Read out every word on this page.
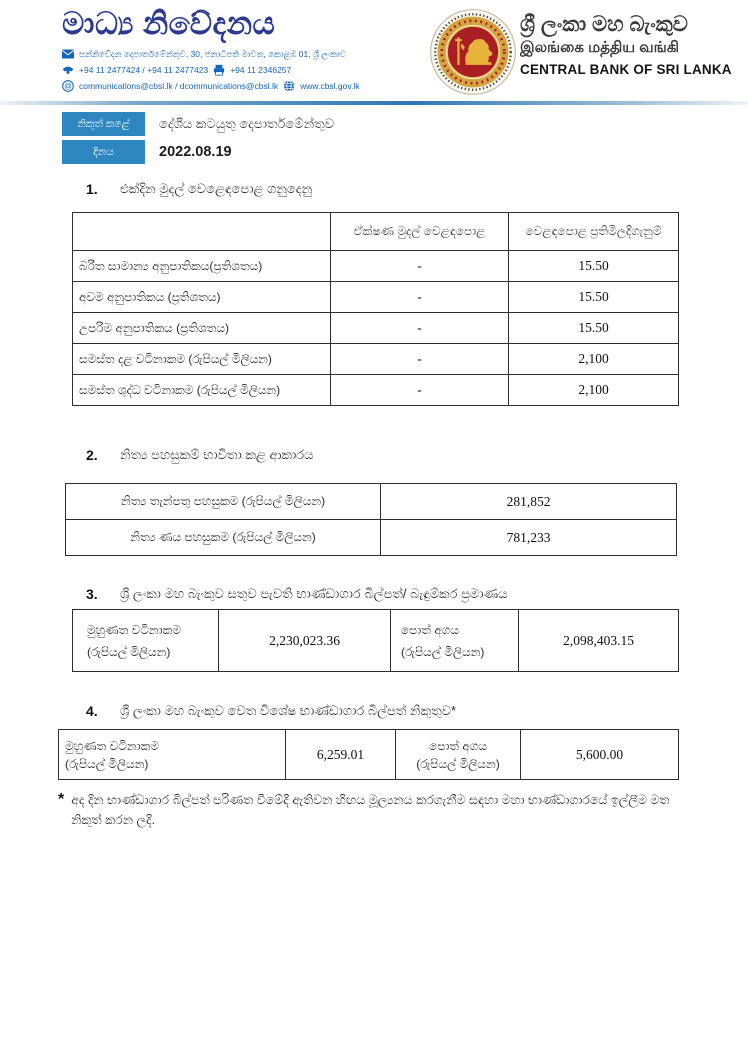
මාධ්‍ය නිවේදනය
සන්නිවේදන දෙපාර්තමේන්තුව, 30, ජනාධිපති මාවත, කොළඹ 01, ශ්‍රී ලංකාව
+94 11 2477424 / +94 11 2477423	+94 11 2346257
@ communications@cbsl.lk / dcommunications@cbsl.lk	www.cbsl.gov.lk
ශ්‍රී ලංකා මහ බැංකුව
இலங்கை மத்திய வங்கி
CENTRAL BANK OF SRI LANKA
නිකුත් කළේ	දේශීය කටයුතු දෙපාර්තමේන්තුව
දිනය	2022.08.19
1.	එක්දින මුදල් වෙළෙඳපොළ ගනුදෙනු
	ඒක්ෂණ මුදල් වෙළඳපොළ	වෙළඳපොළ ප්‍රතිමිලදීගැනුම්
බරිත සාමාන්‍ය අනුපාතිකය(ප්‍රතිශතය)	-	15.50
අවම අනුපාතිකය (ප්‍රතිශතය)	-	15.50
උපරිම අනුපාතිකය (ප්‍රතිශතය)	-	15.50
සමස්ත දළ වටිනාකම (රුපියල් මිලියන)	-	2,100
සමස්ත ශුද්ධ වටිනාකම (රුපියල් මිලියන)	-	2,100
2.	නිත්‍ය පහසුකම් භාවිතා කළ ආකාරය
නිත්‍ය තැන්පතු පහසුකම (රුපියල් මිලියන)	281,852
නිත්‍ය ණය පහසුකම (රුපියල් මිලියන)	781,233
3.	ශ්‍රී ලංකා මහ බැංකුව සතුව පැවති භාණ්ඩාගාර බිල්පත්/ බැඳුම්කර ප්‍රමාණය
මුහුණත වටිනාකම
(රුපියල් මිලියන)	2,230,023.36	පොත් අගය
(රුපියල් මිලියන)	2,098,403.15
4.	ශ්‍රී ලංකා මහ බැංකුව වෙත විශේෂ භාණ්ඩාගාර බිල්පත් නිකුතුව*
මුහුණත වටිනාකම
(රුපියල් මිලියන)	6,259.01	පොත් අගය
(රුපියල් මිලියන)	5,600.00
* අද දින භාණ්ඩාගාර බිල්පත් පරිණත වීමේදී ඇතිවන හිඟය මූල්‍යනය කරගැනීම සඳහා මහා භාණ්ඩාගාරයේ ඉල්ලීම මත නිකුත් කරන ලදි.
